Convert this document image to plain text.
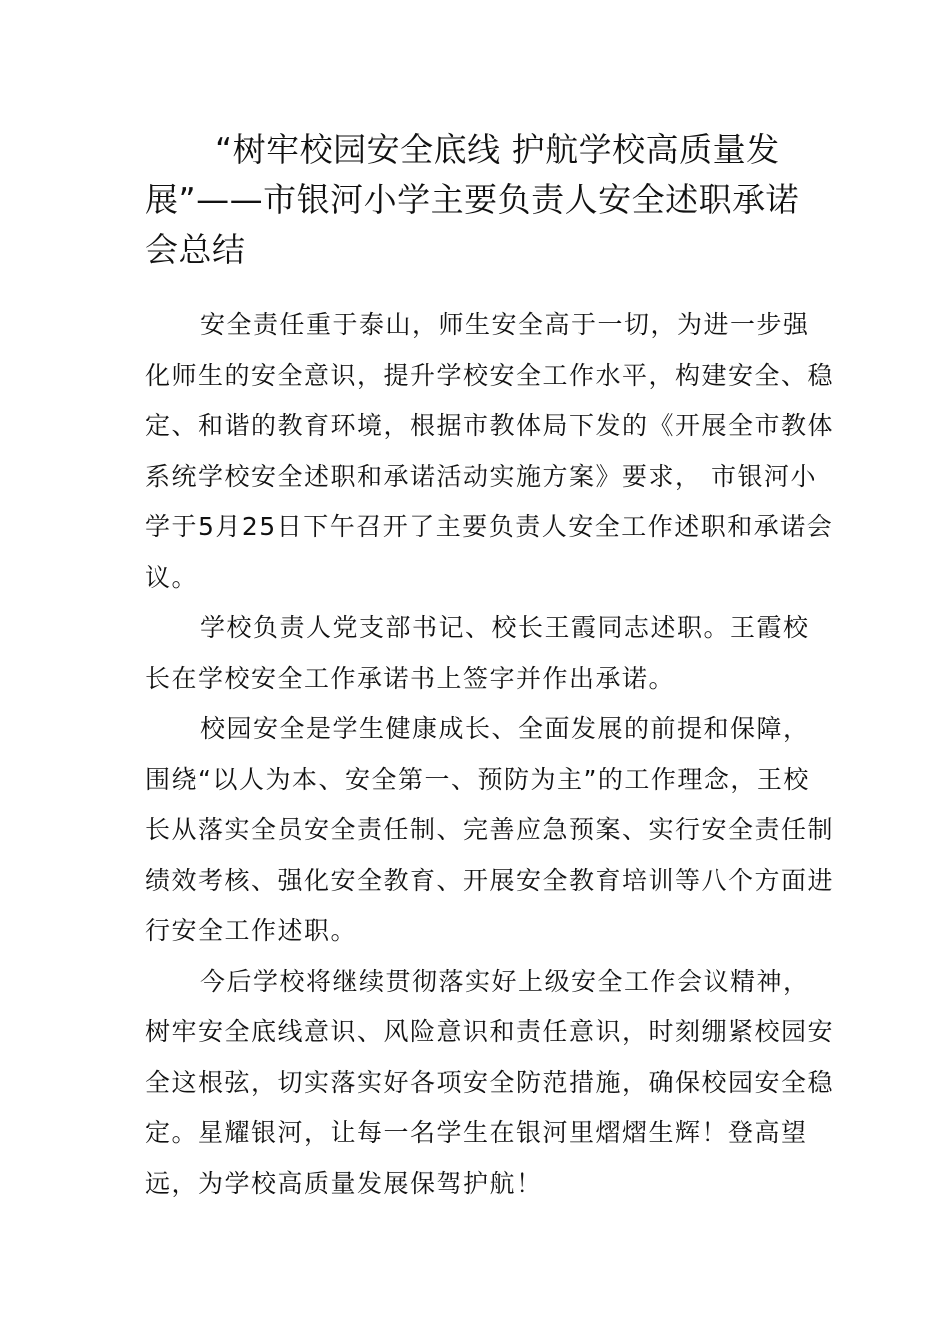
“树牢校园安全底线 护航学校高质量发展”——市银河小学主要负责人安全述职承诺会总结

安全责任重于泰山，师生安全高于一切，为进一步强化师生的安全意识，提升学校安全工作水平，构建安全、稳定、和谐的教育环境，根据市教体局下发的《开展全市教体系统学校安全述职和承诺活动实施方案》要求， 市银河小学于5月25日下午召开了主要负责人安全工作述职和承诺会议。

学校负责人党支部书记、校长王霞同志述职。王霞校长在学校安全工作承诺书上签字并作出承诺。

校园安全是学生健康成长、全面发展的前提和保障，围绕“以人为本、安全第一、预防为主”的工作理念，王校长从落实全员安全责任制、完善应急预案、实行安全责任制绩效考核、强化安全教育、开展安全教育培训等八个方面进行安全工作述职。

今后学校将继续贯彻落实好上级安全工作会议精神，树牢安全底线意识、风险意识和责任意识，时刻绷紧校园安全这根弦，切实落实好各项安全防范措施，确保校园安全稳定。星耀银河，让每一名学生在银河里熠熠生辉！登高望远，为学校高质量发展保驾护航！
